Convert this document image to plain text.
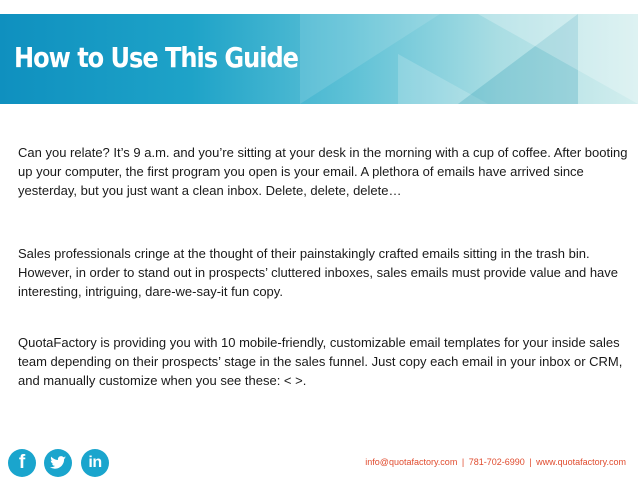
How to Use This Guide

Can you relate? It’s 9 a.m. and you’re sitting at your desk in the morning with a cup of coffee. After booting up your computer, the first program you open is your email. A plethora of emails have arrived since yesterday, but you just want a clean inbox. Delete, delete, delete…

Sales professionals cringe at the thought of their painstakingly crafted emails sitting in the trash bin. However, in order to stand out in prospects’ cluttered inboxes, sales emails must provide value and have interesting, intriguing, dare-we-say-it fun copy.

QuotaFactory is providing you with 10 mobile-friendly, customizable email templates for your inside sales team depending on their prospects’ stage in the sales funnel. Just copy each email in your inbox or CRM, and manually customize when you see these: < >.

f	in	info@quotafactory.com | 781-702-6990 | www.quotafactory.com
